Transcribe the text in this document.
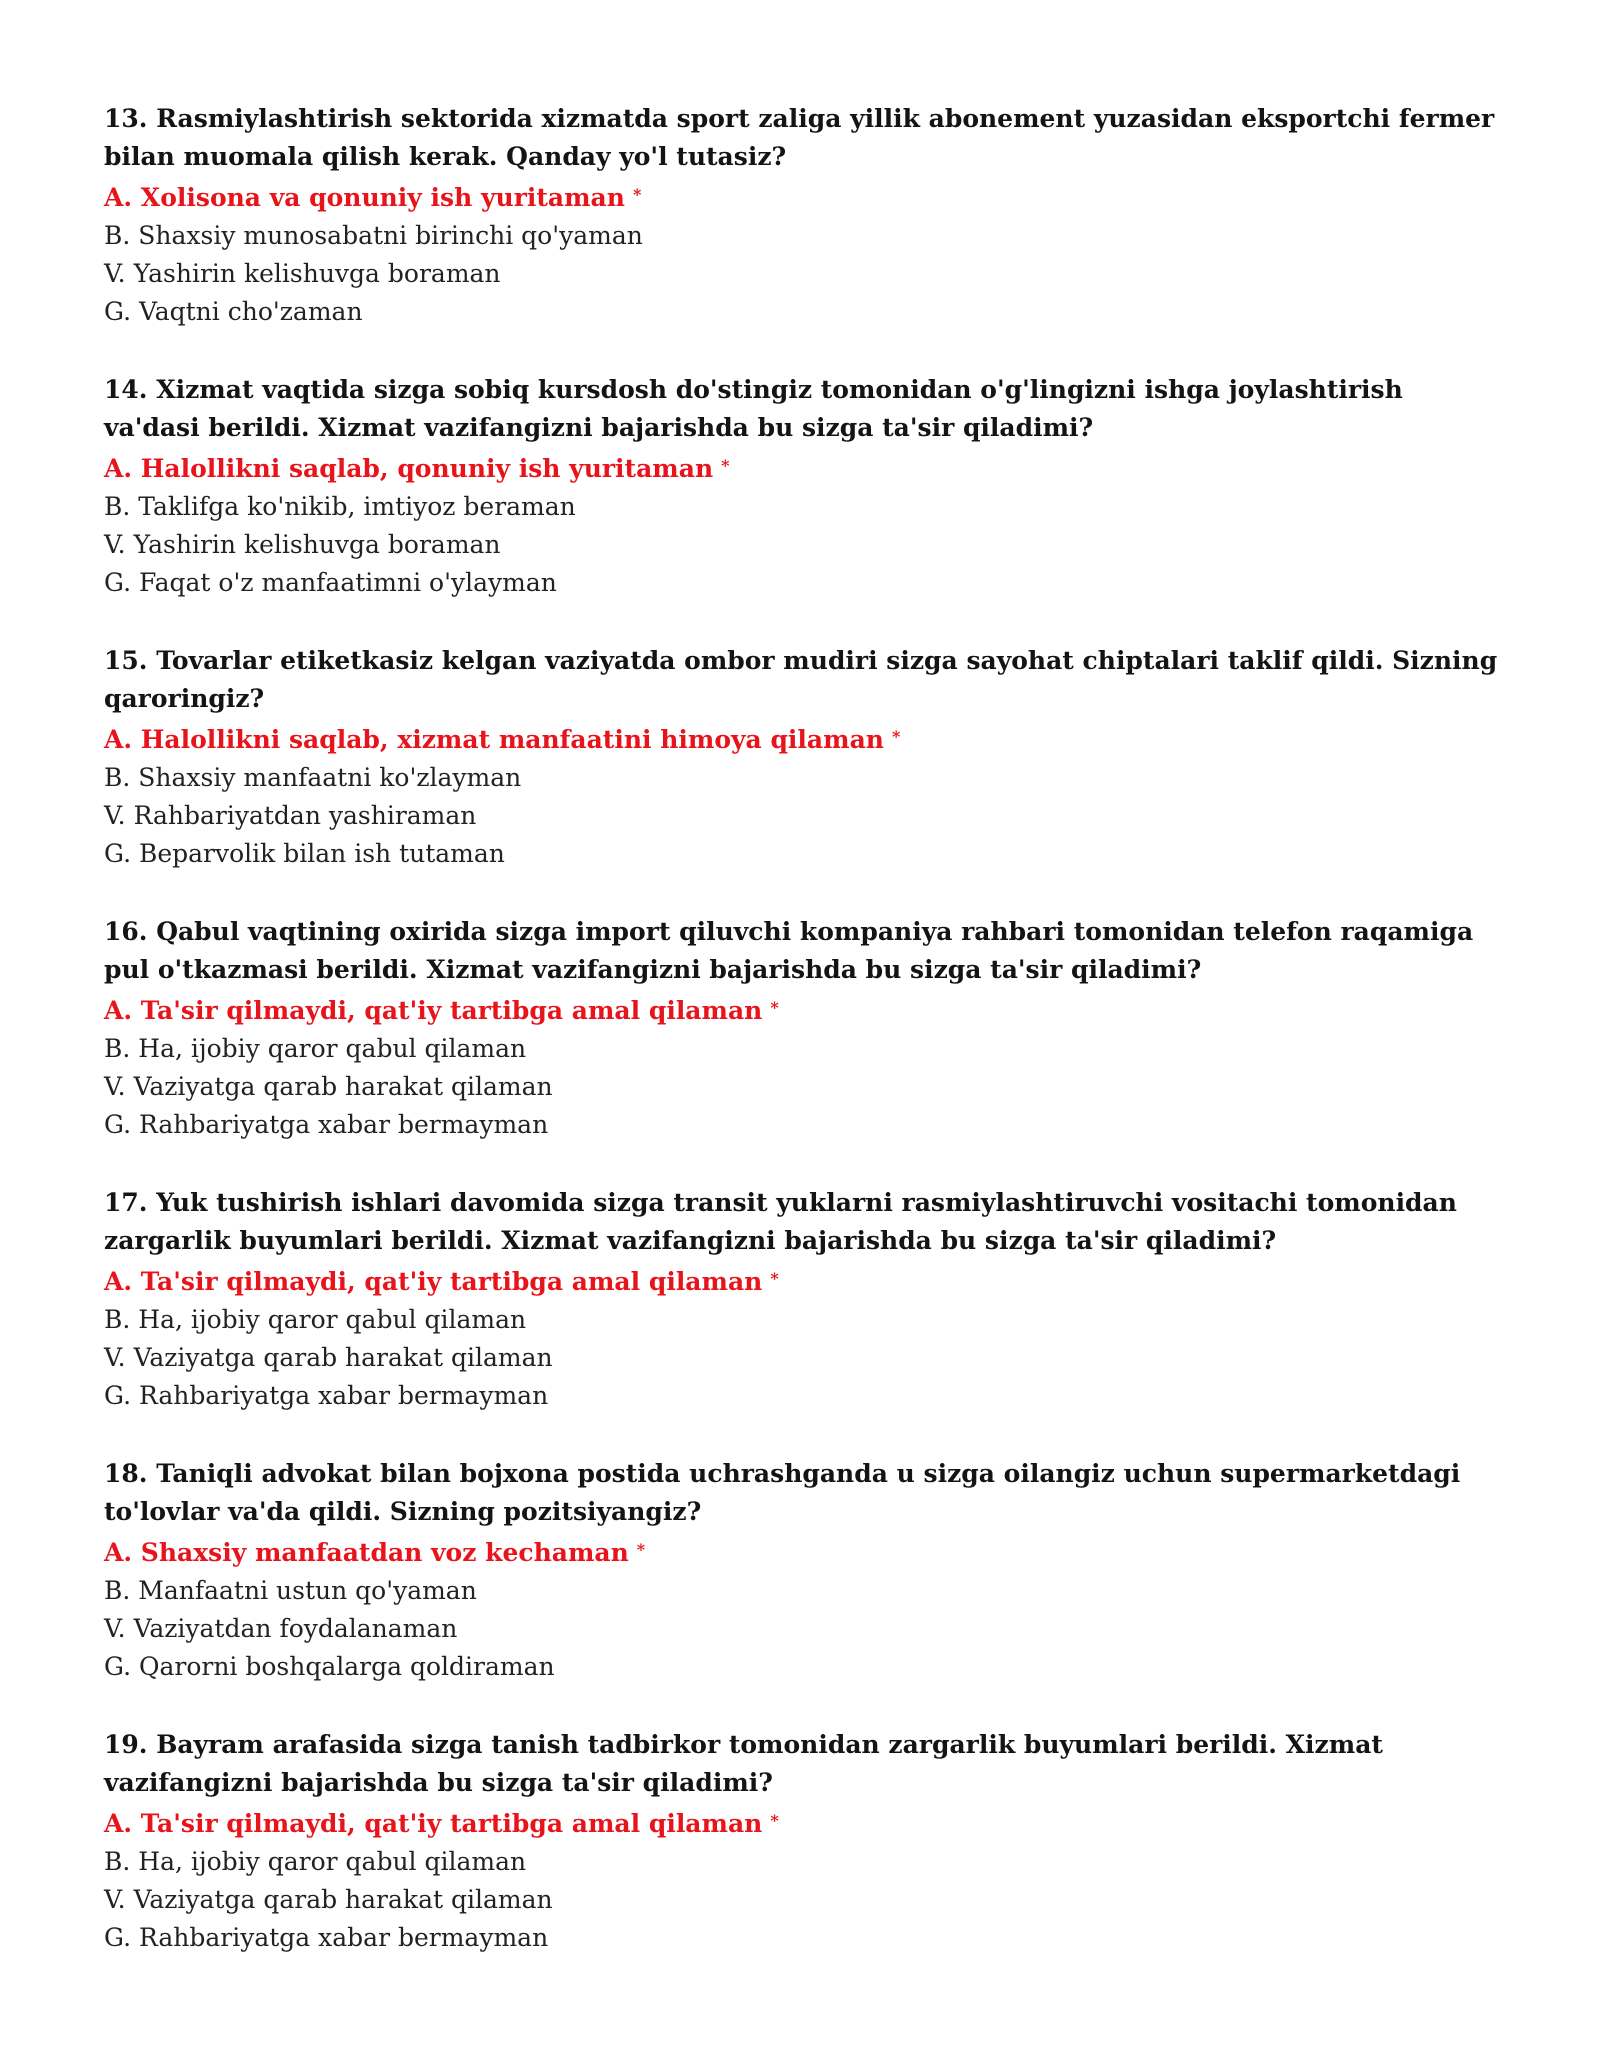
13. Rasmiylashtirish sektorida xizmatda sport zaliga yillik abonement yuzasidan eksportchi fermer bilan muomala qilish kerak. Qanday yo'l tutasiz?

A. Xolisona va qonuniy ish yuritaman *

B. Shaxsiy munosabatni birinchi qo'yaman

V. Yashirin kelishuvga boraman

G. Vaqtni cho'zaman

14. Xizmat vaqtida sizga sobiq kursdosh do'stingiz tomonidan o'g'lingizni ishga joylashtirish va'dasi berildi. Xizmat vazifangizni bajarishda bu sizga ta'sir qiladimi?

A. Halollikni saqlab, qonuniy ish yuritaman *

B. Taklifga ko'nikib, imtiyoz beraman

V. Yashirin kelishuvga boraman

G. Faqat o'z manfaatimni o'ylayman

15. Tovarlar etiketkasiz kelgan vaziyatda ombor mudiri sizga sayohat chiptalari taklif qildi. Sizning qaroringiz?

A. Halollikni saqlab, xizmat manfaatini himoya qilaman *

B. Shaxsiy manfaatni ko'zlayman

V. Rahbariyatdan yashiraman

G. Beparvolik bilan ish tutaman

16. Qabul vaqtining oxirida sizga import qiluvchi kompaniya rahbari tomonidan telefon raqamiga pul o'tkazmasi berildi. Xizmat vazifangizni bajarishda bu sizga ta'sir qiladimi?

A. Ta'sir qilmaydi, qat'iy tartibga amal qilaman *

B. Ha, ijobiy qaror qabul qilaman

V. Vaziyatga qarab harakat qilaman

G. Rahbariyatga xabar bermayman

17. Yuk tushirish ishlari davomida sizga transit yuklarni rasmiylashtiruvchi vositachi tomonidan zargarlik buyumlari berildi. Xizmat vazifangizni bajarishda bu sizga ta'sir qiladimi?

A. Ta'sir qilmaydi, qat'iy tartibga amal qilaman *

B. Ha, ijobiy qaror qabul qilaman

V. Vaziyatga qarab harakat qilaman

G. Rahbariyatga xabar bermayman

18. Taniqli advokat bilan bojxona postida uchrashganda u sizga oilangiz uchun supermarketdagi to'lovlar va'da qildi. Sizning pozitsiyangiz?

A. Shaxsiy manfaatdan voz kechaman *

B. Manfaatni ustun qo'yaman

V. Vaziyatdan foydalanaman

G. Qarorni boshqalarga qoldiraman

19. Bayram arafasida sizga tanish tadbirkor tomonidan zargarlik buyumlari berildi. Xizmat vazifangizni bajarishda bu sizga ta'sir qiladimi?

A. Ta'sir qilmaydi, qat'iy tartibga amal qilaman *

B. Ha, ijobiy qaror qabul qilaman

V. Vaziyatga qarab harakat qilaman

G. Rahbariyatga xabar bermayman
